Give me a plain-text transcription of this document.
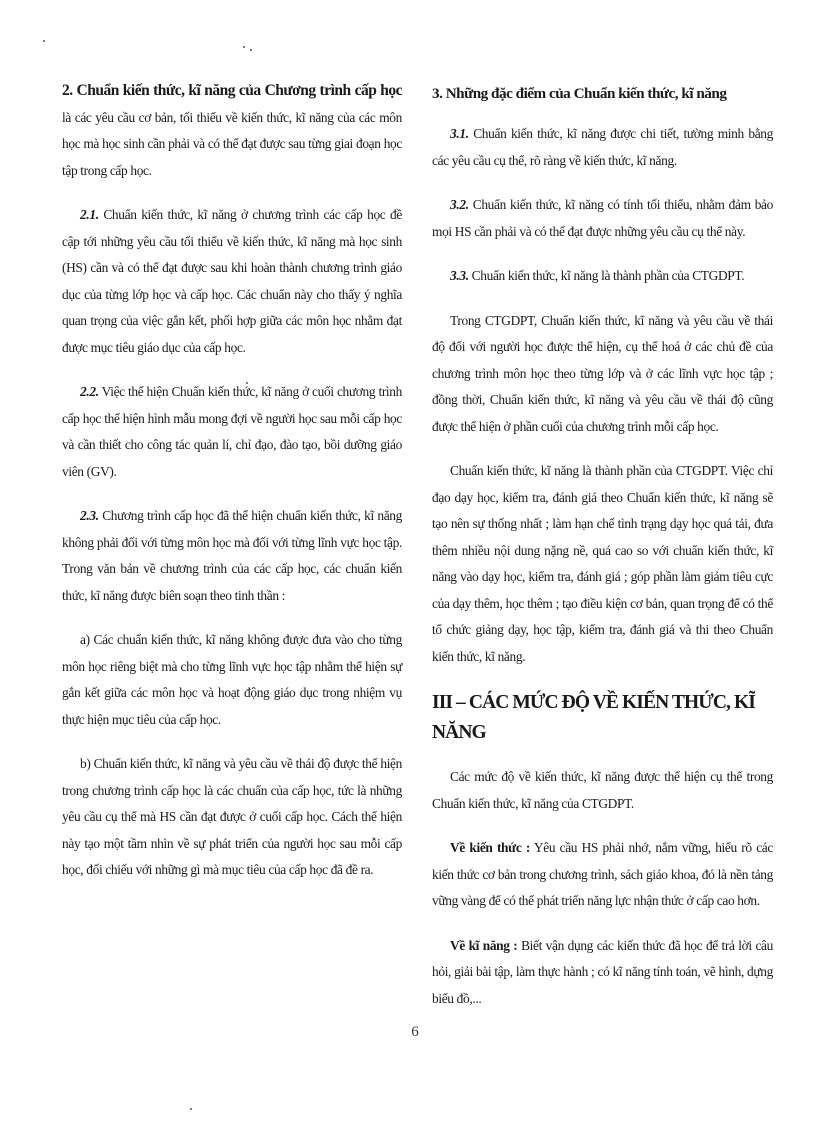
2. Chuẩn kiến thức, kĩ năng của Chương trình cấp học là các yêu cầu cơ bản, tối thiểu về kiến thức, kĩ năng của các môn học mà học sinh cần phải và có thể đạt được sau từng giai đoạn học tập trong cấp học.

2.1. Chuẩn kiến thức, kĩ năng ở chương trình các cấp học đề cập tới những yêu cầu tối thiểu về kiến thức, kĩ năng mà học sinh (HS) cần và có thể đạt được sau khi hoàn thành chương trình giáo dục của từng lớp học và cấp học. Các chuẩn này cho thấy ý nghĩa quan trọng của việc gắn kết, phối hợp giữa các môn học nhằm đạt được mục tiêu giáo dục của cấp học.

2.2. Việc thể hiện Chuẩn kiến thức, kĩ năng ở cuối chương trình cấp học thể hiện hình mẫu mong đợi về người học sau mỗi cấp học và cần thiết cho công tác quản lí, chỉ đạo, đào tạo, bồi dưỡng giáo viên (GV).

2.3. Chương trình cấp học đã thể hiện chuẩn kiến thức, kĩ năng không phải đối với từng môn học mà đối với từng lĩnh vực học tập. Trong văn bản về chương trình của các cấp học, các chuẩn kiến thức, kĩ năng được biên soạn theo tinh thần :

a) Các chuẩn kiến thức, kĩ năng không được đưa vào cho từng môn học riêng biệt mà cho từng lĩnh vực học tập nhằm thể hiện sự gắn kết giữa các môn học và hoạt động giáo dục trong nhiệm vụ thực hiện mục tiêu của cấp học.

b) Chuẩn kiến thức, kĩ năng và yêu cầu về thái độ được thể hiện trong chương trình cấp học là các chuẩn của cấp học, tức là những yêu cầu cụ thể mà HS cần đạt được ở cuối cấp học. Cách thể hiện này tạo một tầm nhìn về sự phát triển của người học sau mỗi cấp học, đối chiếu với những gì mà mục tiêu của cấp học đã đề ra.

3. Những đặc điểm của Chuẩn kiến thức, kĩ năng

3.1. Chuẩn kiến thức, kĩ năng được chi tiết, tường minh bằng các yêu cầu cụ thể, rõ ràng về kiến thức, kĩ năng.

3.2. Chuẩn kiến thức, kĩ năng có tính tối thiểu, nhằm đảm bảo mọi HS cần phải và có thể đạt được những yêu cầu cụ thể này.

3.3. Chuẩn kiến thức, kĩ năng là thành phần của CTGDPT.

Trong CTGDPT, Chuẩn kiến thức, kĩ năng và yêu cầu về thái độ đối với người học được thể hiện, cụ thể hoá ở các chủ đề của chương trình môn học theo từng lớp và ở các lĩnh vực học tập ; đồng thời, Chuẩn kiến thức, kĩ năng và yêu cầu về thái độ cũng được thể hiện ở phần cuối của chương trình mỗi cấp học.

Chuẩn kiến thức, kĩ năng là thành phần của CTGDPT. Việc chỉ đạo dạy học, kiểm tra, đánh giá theo Chuẩn kiến thức, kĩ năng sẽ tạo nên sự thống nhất ; làm hạn chế tình trạng dạy học quá tải, đưa thêm nhiều nội dung nặng nề, quá cao so với chuẩn kiến thức, kĩ năng vào dạy học, kiểm tra, đánh giá ; góp phần làm giảm tiêu cực của dạy thêm, học thêm ; tạo điều kiện cơ bản, quan trọng để có thể tổ chức giảng dạy, học tập, kiểm tra, đánh giá và thi theo Chuẩn kiến thức, kĩ năng.

III – CÁC MỨC ĐỘ VỀ KIẾN THỨC, KĨ NĂNG

Các mức độ về kiến thức, kĩ năng được thể hiện cụ thể trong Chuẩn kiến thức, kĩ năng của CTGDPT.

Về kiến thức : Yêu cầu HS phải nhớ, nắm vững, hiểu rõ các kiến thức cơ bản trong chương trình, sách giáo khoa, đó là nền tảng vững vàng để có thể phát triển năng lực nhận thức ở cấp cao hơn.

Về kĩ năng : Biết vận dụng các kiến thức đã học để trả lời câu hỏi, giải bài tập, làm thực hành ; có kĩ năng tính toán, vẽ hình, dựng biểu đồ,...

6
